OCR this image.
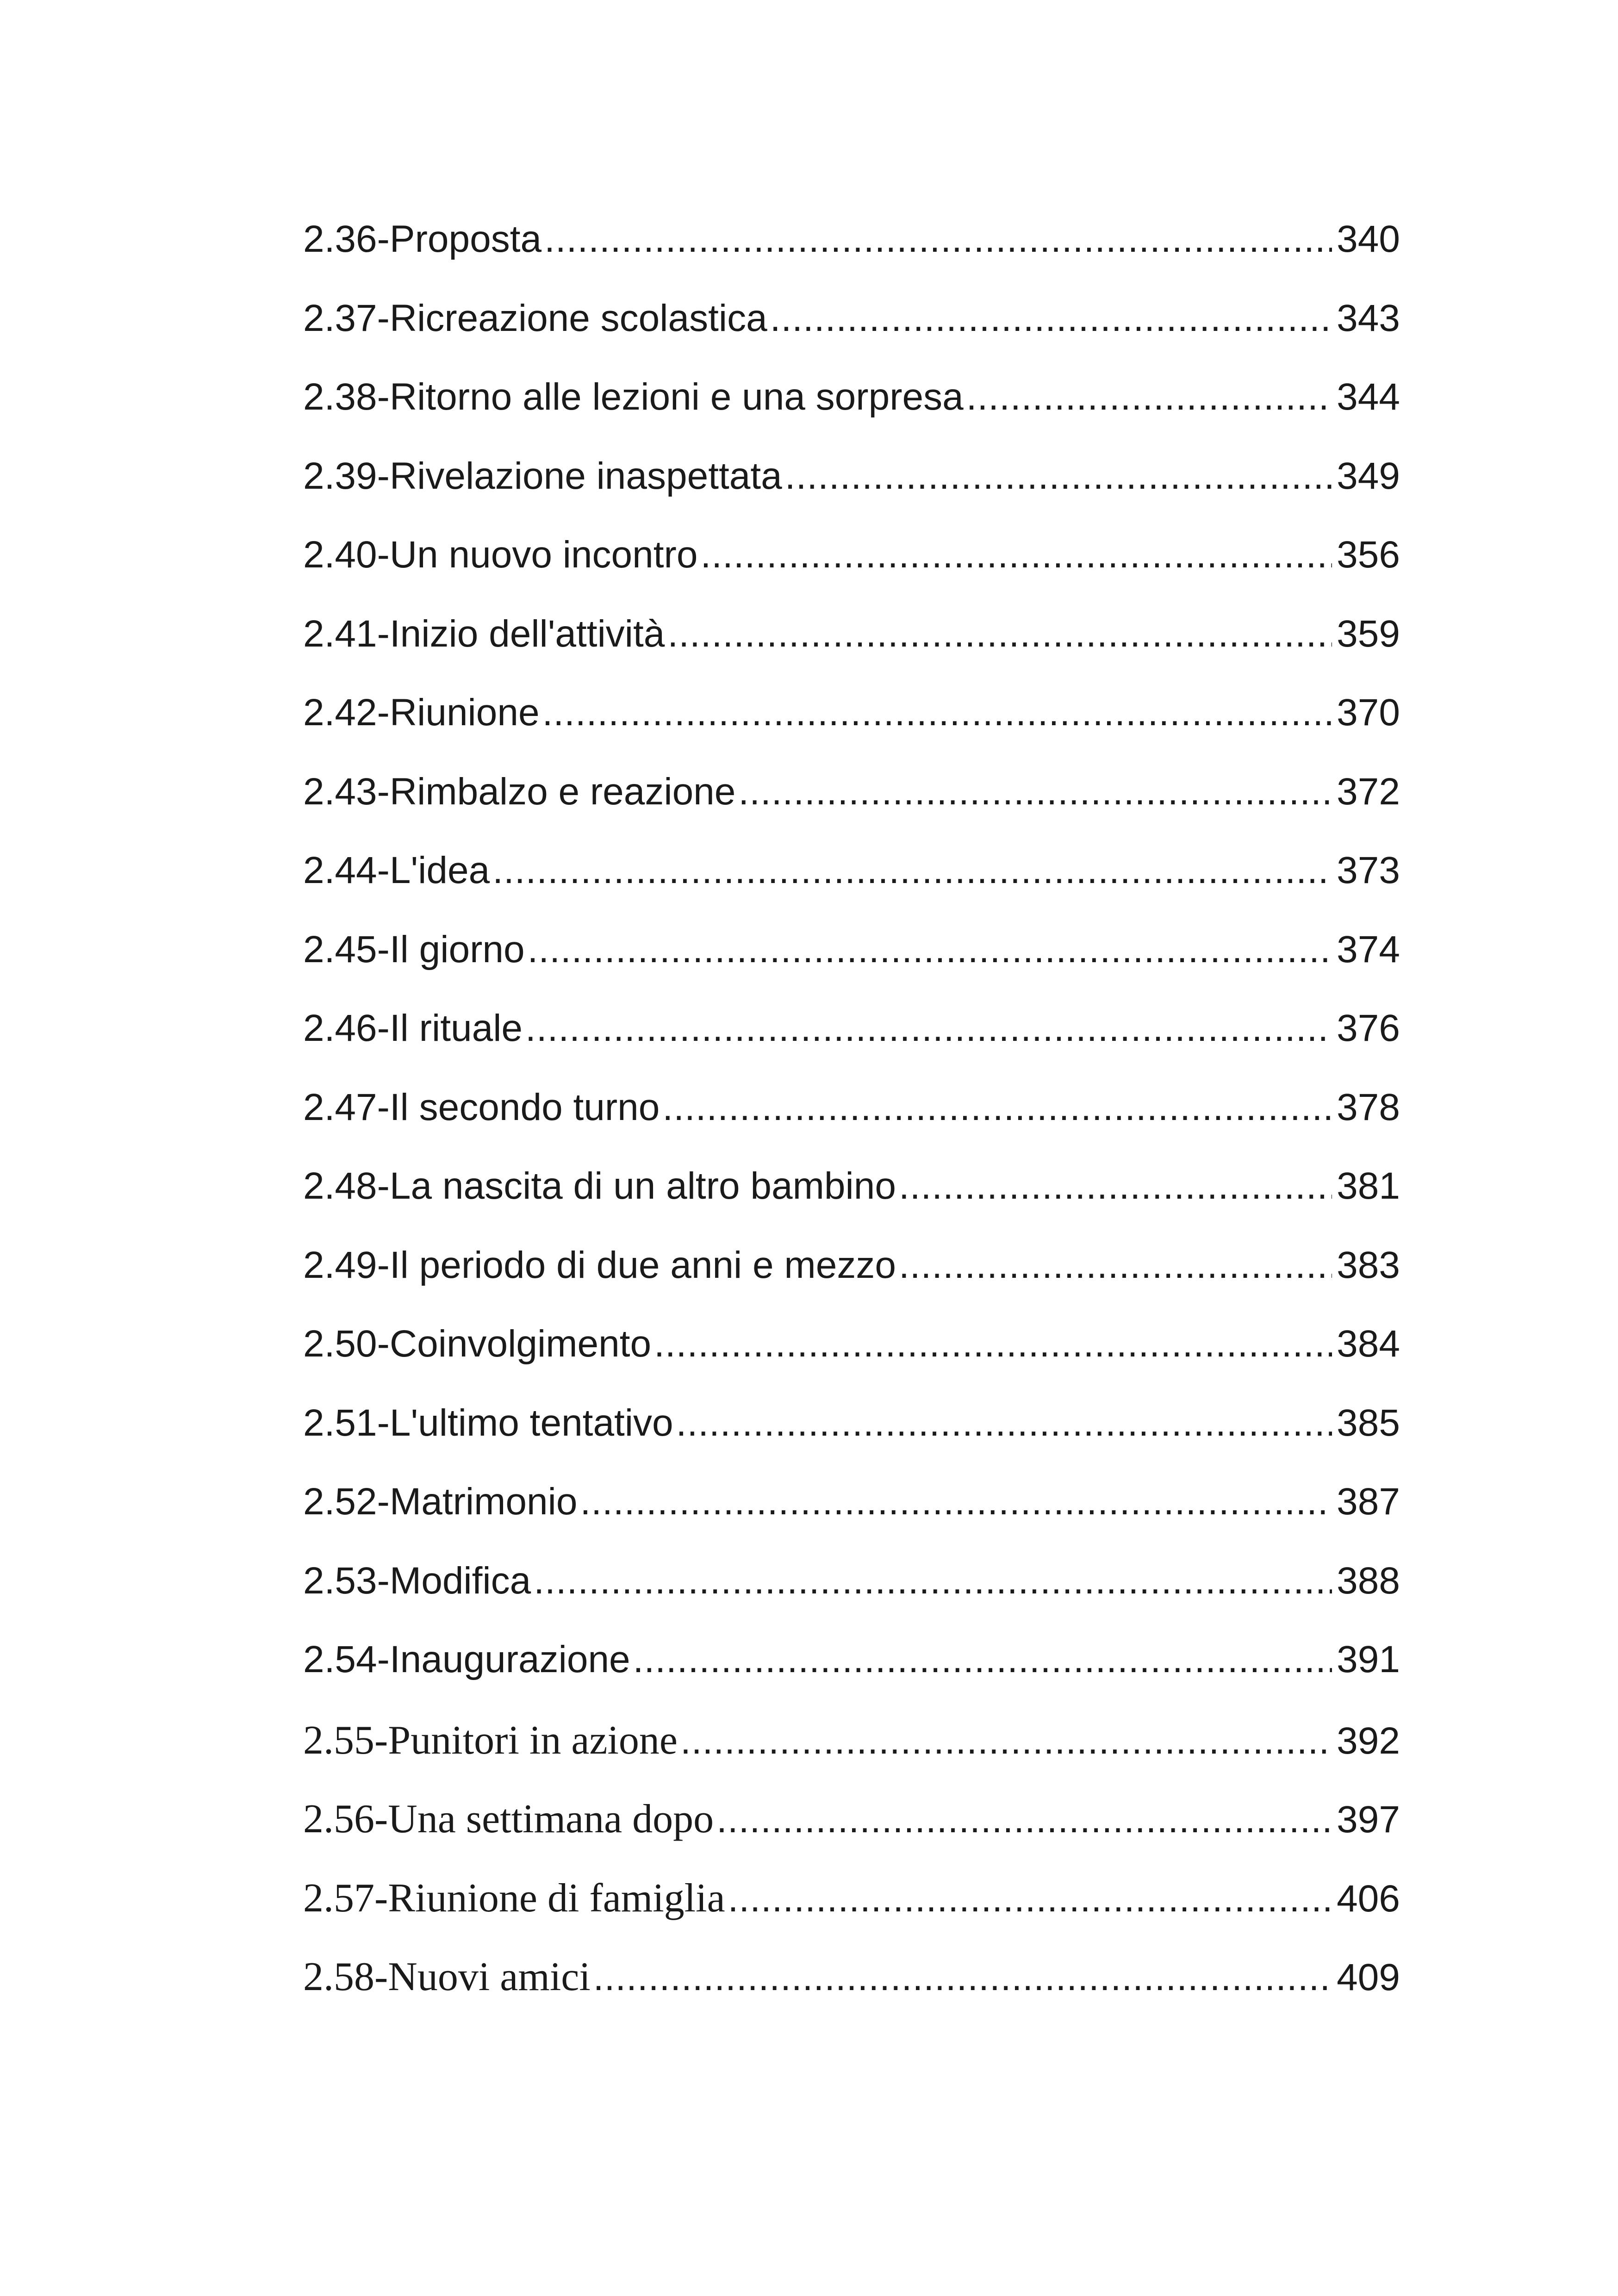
2.36-Proposta .....	340
2.37-Ricreazione scolastica .....	343
2.38-Ritorno alle lezioni e una sorpresa .....	344
2.39-Rivelazione inaspettata .....	349
2.40-Un nuovo incontro .....	356
2.41-Inizio dell'attività .....	359
2.42-Riunione .....	370
2.43-Rimbalzo e reazione .....	372
2.44-L'idea .....	373
2.45-Il giorno .....	374
2.46-Il rituale .....	376
2.47-Il secondo turno .....	378
2.48-La nascita di un altro bambino .....	381
2.49-Il periodo di due anni e mezzo .....	383
2.50-Coinvolgimento .....	384
2.51-L'ultimo tentativo .....	385
2.52-Matrimonio .....	387
2.53-Modifica .....	388
2.54-Inaugurazione .....	391
2.55-Punitori in azione .....	392
2.56-Una settimana dopo .....	397
2.57-Riunione di famiglia .....	406
2.58-Nuovi amici .....	409
